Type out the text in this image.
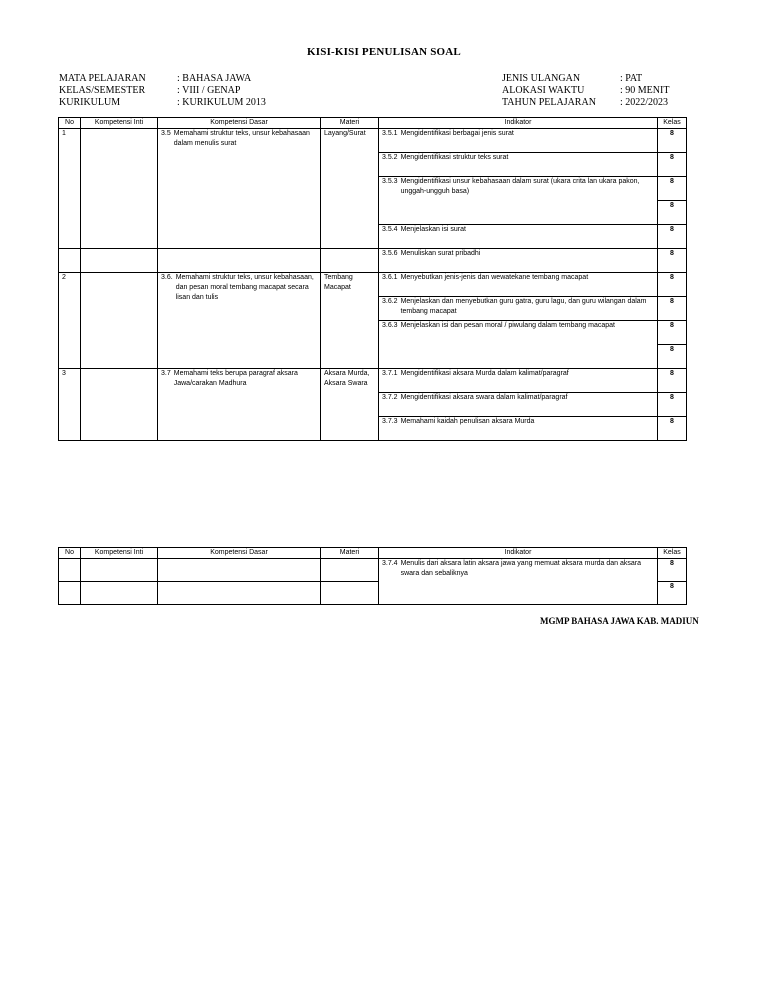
KISI-KISI PENULISAN SOAL
MATA PELAJARAN	: BAHASA JAWA
KELAS/SEMESTER	: VIII / GENAP
KURIKULUM	: KURIKULUM 2013
JENIS ULANGAN	: PAT
ALOKASI WAKTU	: 90 MENIT
TAHUN PELAJARAN	: 2022/2023
No	Kompetensi Inti	Kompetensi Dasar	Materi	Indikator	Kelas
1		3.5 Memahami struktur teks, unsur kebahasaan dalam menulis surat	Layang/Surat	3.5.1 Mengidentifikasi berbagai jenis surat	8

				3.5.2 Mengidentifikasi struktur teks surat	8

				3.5.3 Mengidentifikasi unsur kebahasaan dalam surat (ukara crita lan ukara pakon, unggah-ungguh basa)	8
					8

				3.5.4 Menjelaskan isi surat	8

				3.5.6 Menuliskan surat pribadhi	8
2		3.6. Memahami struktur teks, unsur kebahasaan, dan pesan moral tembang macapat secara lisan dan tulis	Tembang Macapat	3.6.1 Menyebutkan jenis-jenis dan wewatekane tembang macapat	8

				3.6.2 Menjelaskan dan menyebutkan guru gatra, guru lagu, dan guru wilangan dalam tembang macapat	8

				3.6.3 Menjelaskan isi dan pesan moral / piwulang dalam tembang macapat	8
					8
3		3.7 Memahami teks berupa paragraf aksara Jawa/carakan Madhura	Aksara Murda, Aksara Swara	3.7.1 Mengidentifikasi aksara Murda dalam kalimat/paragraf	8

				3.7.2 Mengidentifikasi aksara swara dalam kalimat/paragraf	8

				3.7.3 Memahami kaidah penulisan aksara Murda	8
No	Kompetensi Inti	Kompetensi Dasar	Materi	Indikator	Kelas

				3.7.4 Menulis dari aksara latin aksara jawa yang memuat aksara murda dan aksara swara dan sebaliknya	8
					8
MGMP BAHASA JAWA KAB. MADIUN
